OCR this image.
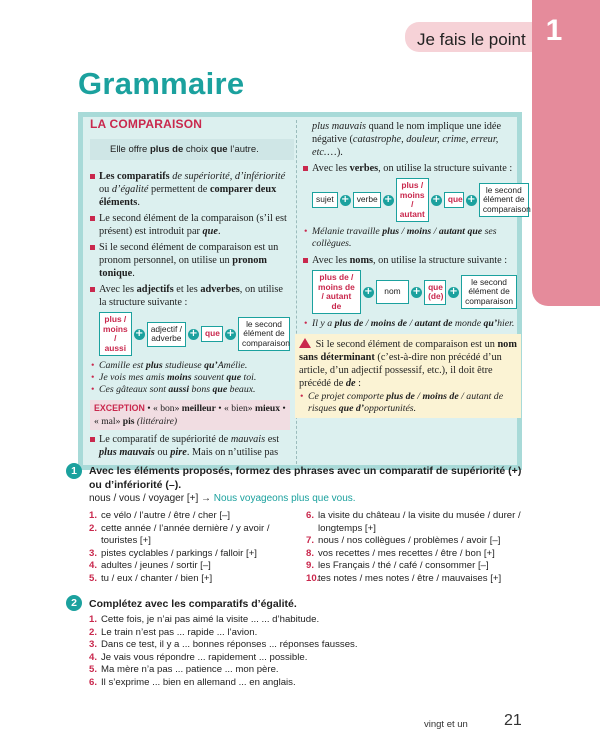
Je fais le point 1
Grammaire
LA COMPARAISON
Elle offre plus de choix que l’autre.
Les comparatifs de supériorité, d’infériorité ou d’égalité permettent de comparer deux éléments.
Le second élément de la comparaison (s’il est présent) est introduit par que.
Si le second élément de comparaison est un pronom personnel, on utilise un pronom tonique.
Avec les adjectifs et les adverbes, on utilise la structure suivante :
plus / moins / aussi
+ adjectif / adverbe + que +
le second élément de comparaison
• Camille est plus studieuse qu’Amélie.
• Je vois mes amis moins souvent que toi.
• Ces gâteaux sont aussi bons que beaux.
EXCEPTION • « bon» meilleur • « bien» mieux • « mal» pis (littéraire)
Le comparatif de supériorité de mauvais est plus mauvais ou pire. Mais on n’utilise pas
plus mauvais quand le nom implique une idée négative (catastrophe, douleur, crime, erreur, etc.…).
Avec les verbes, on utilise la structure suivante :
sujet + verbe +
plus / moins / autant
+ que +
le second élément de comparaison
• Mélanie travaille plus / moins / autant que ses collègues.
Avec les noms, on utilise la structure suivante :
plus de / moins de / autant de
+	nom	+ que (de) +
le second élément de comparaison
• Il y a plus de / moins de / autant de monde qu’hier.
Si le second élément de comparaison est un nom sans déterminant (c’est-à-dire non précédé d’un article, d’un adjectif possessif, etc.), il doit être précédé de de :
• Ce projet comporte plus de / moins de / autant de risques que d’opportunités.
1	Avec les éléments proposés, formez des phrases avec un comparatif de supériorité (+) ou d’infériorité (–).
nous / vous / voyager [+] → Nous voyageons plus que vous.
1. ce vélo / l’autre / être / cher [–]
2. cette année / l’année dernière / y avoir / touristes [+]
3. pistes cyclables / parkings / falloir [+]
4. adultes / jeunes / sortir [–]
5. tu / eux / chanter / bien [+]
6. la visite du château / la visite du musée / durer / longtemps [+]
7. nous / nos collègues / problèmes / avoir [–]
8. vos recettes / mes recettes / être / bon [+]
9. les Français / thé / café / consommer [–]
10.
tes notes / mes notes / être / mauvaises [+]
2	Complétez avec les comparatifs d’égalité.
1. Cette fois, je n’ai pas aimé la visite ... ... d’habitude.
2. Le train n’est pas ... rapide ... l’avion.
3. Dans ce test, il y a ... bonnes réponses ... réponses fausses.
4. Je vais vous répondre ... rapidement ... possible.
5. Ma mère n’a pas ... patience ... mon père.
6. Il s’exprime ... bien en allemand ... en anglais.
vingt et un 21
